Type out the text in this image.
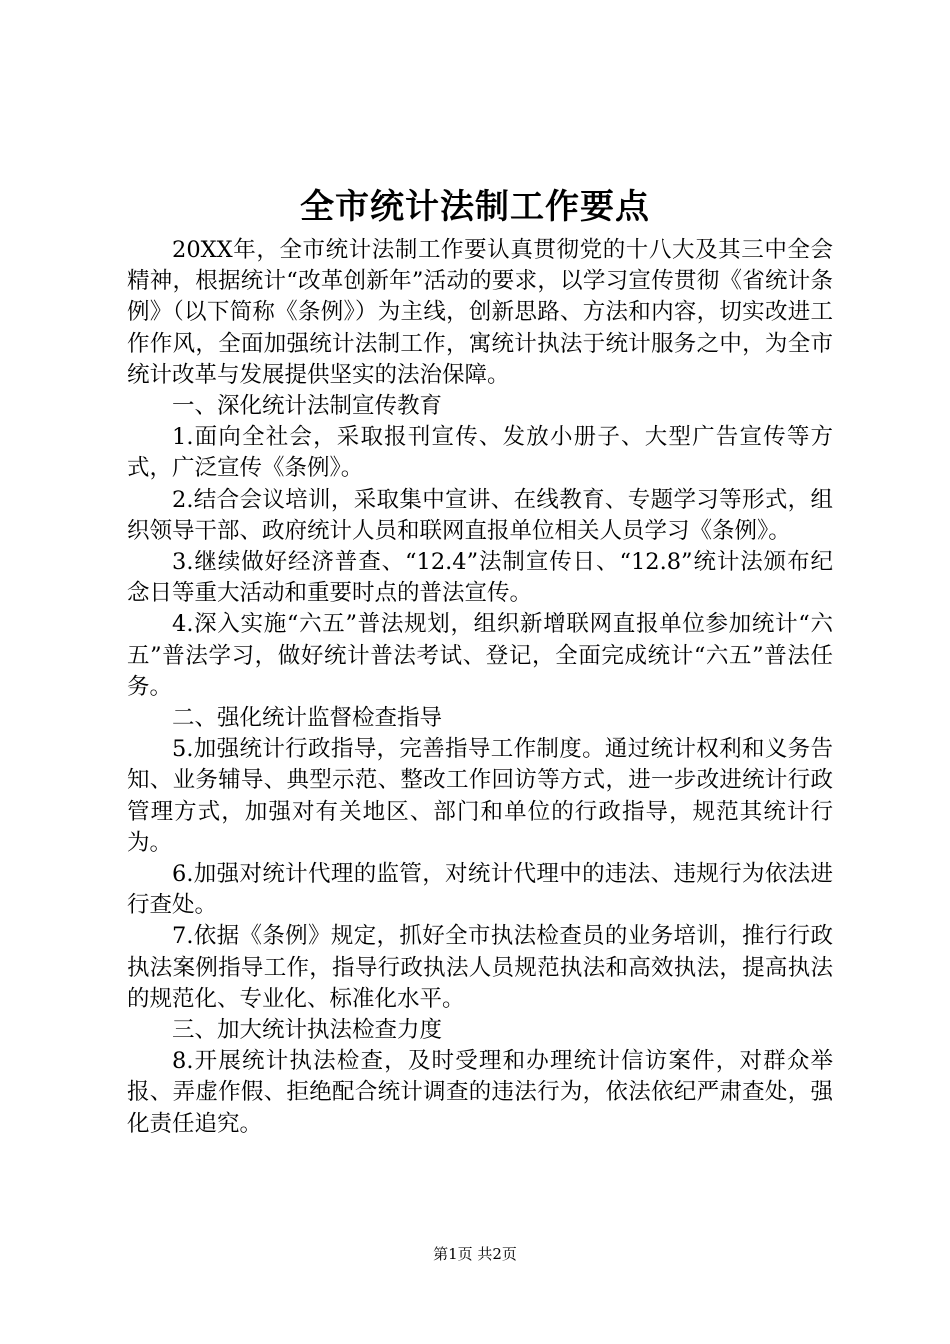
全市统计法制工作要点

20XX年，全市统计法制工作要认真贯彻党的十八大及其三中全会精神，根据统计“改革创新年”活动的要求，以学习宣传贯彻《省统计条例》（以下简称《条例》）为主线，创新思路、方法和内容，切实改进工作作风，全面加强统计法制工作，寓统计执法于统计服务之中，为全市统计改革与发展提供坚实的法治保障。

一、深化统计法制宣传教育

1.面向全社会，采取报刊宣传、发放小册子、大型广告宣传等方式，广泛宣传《条例》。

2.结合会议培训，采取集中宣讲、在线教育、专题学习等形式，组织领导干部、政府统计人员和联网直报单位相关人员学习《条例》。

3.继续做好经济普查、“12.4”法制宣传日、“12.8”统计法颁布纪念日等重大活动和重要时点的普法宣传。

4.深入实施“六五”普法规划，组织新增联网直报单位参加统计“六五”普法学习，做好统计普法考试、登记，全面完成统计“六五”普法任务。

二、强化统计监督检查指导

5.加强统计行政指导，完善指导工作制度。通过统计权利和义务告知、业务辅导、典型示范、整改工作回访等方式，进一步改进统计行政管理方式，加强对有关地区、部门和单位的行政指导，规范其统计行为。

6.加强对统计代理的监管，对统计代理中的违法、违规行为依法进行查处。

7.依据《条例》规定，抓好全市执法检查员的业务培训，推行行政执法案例指导工作，指导行政执法人员规范执法和高效执法，提高执法的规范化、专业化、标准化水平。

三、加大统计执法检查力度

8.开展统计执法检查，及时受理和办理统计信访案件，对群众举报、弄虚作假、拒绝配合统计调查的违法行为，依法依纪严肃查处，强化责任追究。

第1页 共2页
